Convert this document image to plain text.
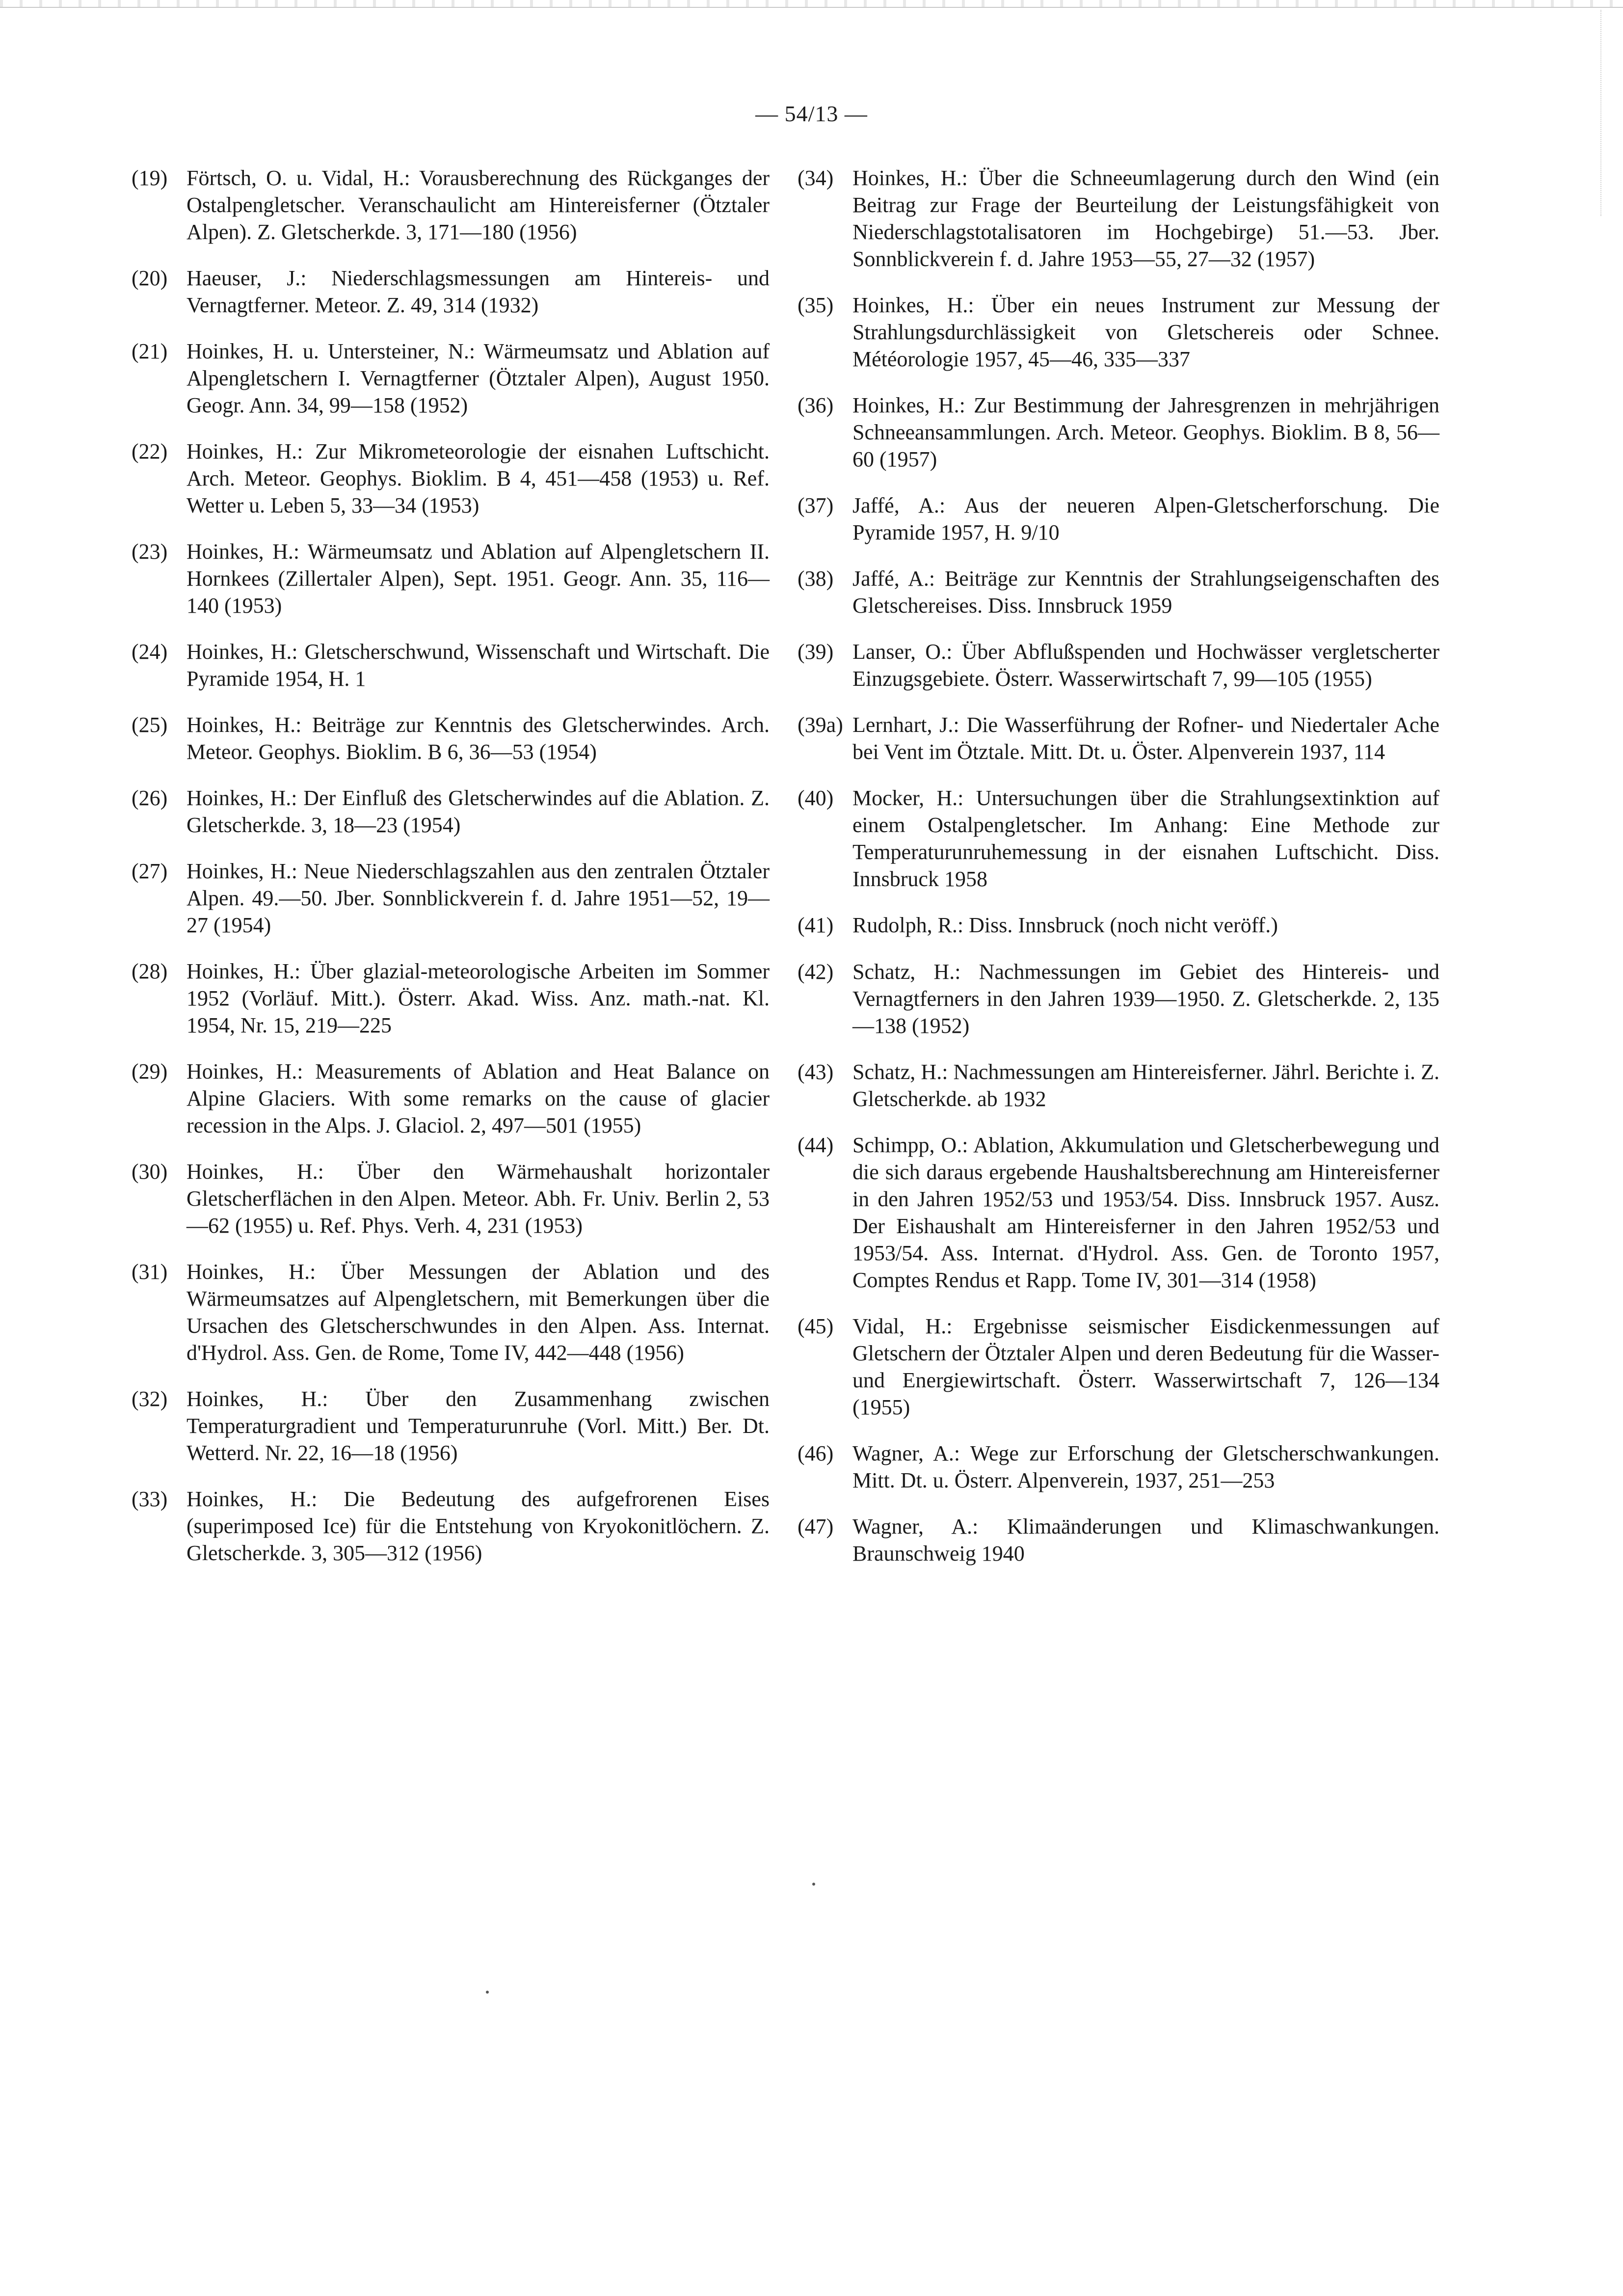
— 54/13 —
(19) Förtsch, O. u. Vidal, H.: Vorausberechnung des Rückganges der Ostalpengletscher. Veranschaulicht am Hintereisferner (Ötztaler Alpen). Z. Gletscherkde. 3, 171—180 (1956)
(20) Haeuser, J.: Niederschlagsmessungen am Hintereis- und Vernagtferner. Meteor. Z. 49, 314 (1932)
(21) Hoinkes, H. u. Untersteiner, N.: Wärmeumsatz und Ablation auf Alpengletschern I. Vernagtferner (Ötztaler Alpen), August 1950. Geogr. Ann. 34, 99—158 (1952)
(22) Hoinkes, H.: Zur Mikrometeorologie der eisnahen Luftschicht. Arch. Meteor. Geophys. Bioklim. B 4, 451—458 (1953) u. Ref. Wetter u. Leben 5, 33—34 (1953)
(23) Hoinkes, H.: Wärmeumsatz und Ablation auf Alpengletschern II. Hornkees (Zillertaler Alpen), Sept. 1951. Geogr. Ann. 35, 116—140 (1953)
(24) Hoinkes, H.: Gletscherschwund, Wissenschaft und Wirtschaft. Die Pyramide 1954, H. 1
(25) Hoinkes, H.: Beiträge zur Kenntnis des Gletscherwindes. Arch. Meteor. Geophys. Bioklim. B 6, 36—53 (1954)
(26) Hoinkes, H.: Der Einfluß des Gletscherwindes auf die Ablation. Z. Gletscherkde. 3, 18—23 (1954)
(27) Hoinkes, H.: Neue Niederschlagszahlen aus den zentralen Ötztaler Alpen. 49.—50. Jber. Sonnblickverein f. d. Jahre 1951—52, 19—27 (1954)
(28) Hoinkes, H.: Über glazial-meteorologische Arbeiten im Sommer 1952 (Vorläuf. Mitt.). Österr. Akad. Wiss. Anz. math.-nat. Kl. 1954, Nr. 15, 219—225
(29) Hoinkes, H.: Measurements of Ablation and Heat Balance on Alpine Glaciers. With some remarks on the cause of glacier recession in the Alps. J. Glaciol. 2, 497—501 (1955)
(30) Hoinkes, H.: Über den Wärmehaushalt horizontaler Gletscherflächen in den Alpen. Meteor. Abh. Fr. Univ. Berlin 2, 53—62 (1955) u. Ref. Phys. Verh. 4, 231 (1953)
(31) Hoinkes, H.: Über Messungen der Ablation und des Wärmeumsatzes auf Alpengletschern, mit Bemerkungen über die Ursachen des Gletscherschwundes in den Alpen. Ass. Internat. d'Hydrol. Ass. Gen. de Rome, Tome IV, 442—448 (1956)
(32) Hoinkes, H.: Über den Zusammenhang zwischen Temperaturgradient und Temperaturunruhe (Vorl. Mitt.) Ber. Dt. Wetterd. Nr. 22, 16—18 (1956)
(33) Hoinkes, H.: Die Bedeutung des aufgefrorenen Eises (superimposed Ice) für die Entstehung von Kryokonitlöchern. Z. Gletscherkde. 3, 305—312 (1956)
(34) Hoinkes, H.: Über die Schneeumlagerung durch den Wind (ein Beitrag zur Frage der Beurteilung der Leistungsfähigkeit von Niederschlagstotalisatoren im Hochgebirge) 51.—53. Jber. Sonnblickverein f. d. Jahre 1953—55, 27—32 (1957)
(35) Hoinkes, H.: Über ein neues Instrument zur Messung der Strahlungsdurchlässigkeit von Gletschereis oder Schnee. Météorologie 1957, 45—46, 335—337
(36) Hoinkes, H.: Zur Bestimmung der Jahresgrenzen in mehrjährigen Schneeansammlungen. Arch. Meteor. Geophys. Bioklim. B 8, 56—60 (1957)
(37) Jaffé, A.: Aus der neueren Alpen-Gletscherforschung. Die Pyramide 1957, H. 9/10
(38) Jaffé, A.: Beiträge zur Kenntnis der Strahlungseigenschaften des Gletschereises. Diss. Innsbruck 1959
(39) Lanser, O.: Über Abflußspenden und Hochwässer vergletscherter Einzugsgebiete. Österr. Wasserwirtschaft 7, 99—105 (1955)
(39a) Lernhart, J.: Die Wasserführung der Rofner- und Niedertaler Ache bei Vent im Ötztale. Mitt. Dt. u. Öster. Alpenverein 1937, 114
(40) Mocker, H.: Untersuchungen über die Strahlungsextinktion auf einem Ostalpengletscher. Im Anhang: Eine Methode zur Temperaturunruhemessung in der eisnahen Luftschicht. Diss. Innsbruck 1958
(41) Rudolph, R.: Diss. Innsbruck (noch nicht veröff.)
(42) Schatz, H.: Nachmessungen im Gebiet des Hintereis- und Vernagtferners in den Jahren 1939—1950. Z. Gletscherkde. 2, 135—138 (1952)
(43) Schatz, H.: Nachmessungen am Hintereisferner. Jährl. Berichte i. Z. Gletscherkde. ab 1932
(44) Schimpp, O.: Ablation, Akkumulation und Gletscherbewegung und die sich daraus ergebende Haushaltsberechnung am Hintereisferner in den Jahren 1952/53 und 1953/54. Diss. Innsbruck 1957. Ausz. Der Eishaushalt am Hintereisferner in den Jahren 1952/53 und 1953/54. Ass. Internat. d'Hydrol. Ass. Gen. de Toronto 1957, Comptes Rendus et Rapp. Tome IV, 301—314 (1958)
(45) Vidal, H.: Ergebnisse seismischer Eisdickenmessungen auf Gletschern der Ötztaler Alpen und deren Bedeutung für die Wasser- und Energiewirtschaft. Österr. Wasserwirtschaft 7, 126—134 (1955)
(46) Wagner, A.: Wege zur Erforschung der Gletscherschwankungen. Mitt. Dt. u. Österr. Alpenverein, 1937, 251—253
(47) Wagner, A.: Klimaänderungen und Klimaschwankungen. Braunschweig 1940
